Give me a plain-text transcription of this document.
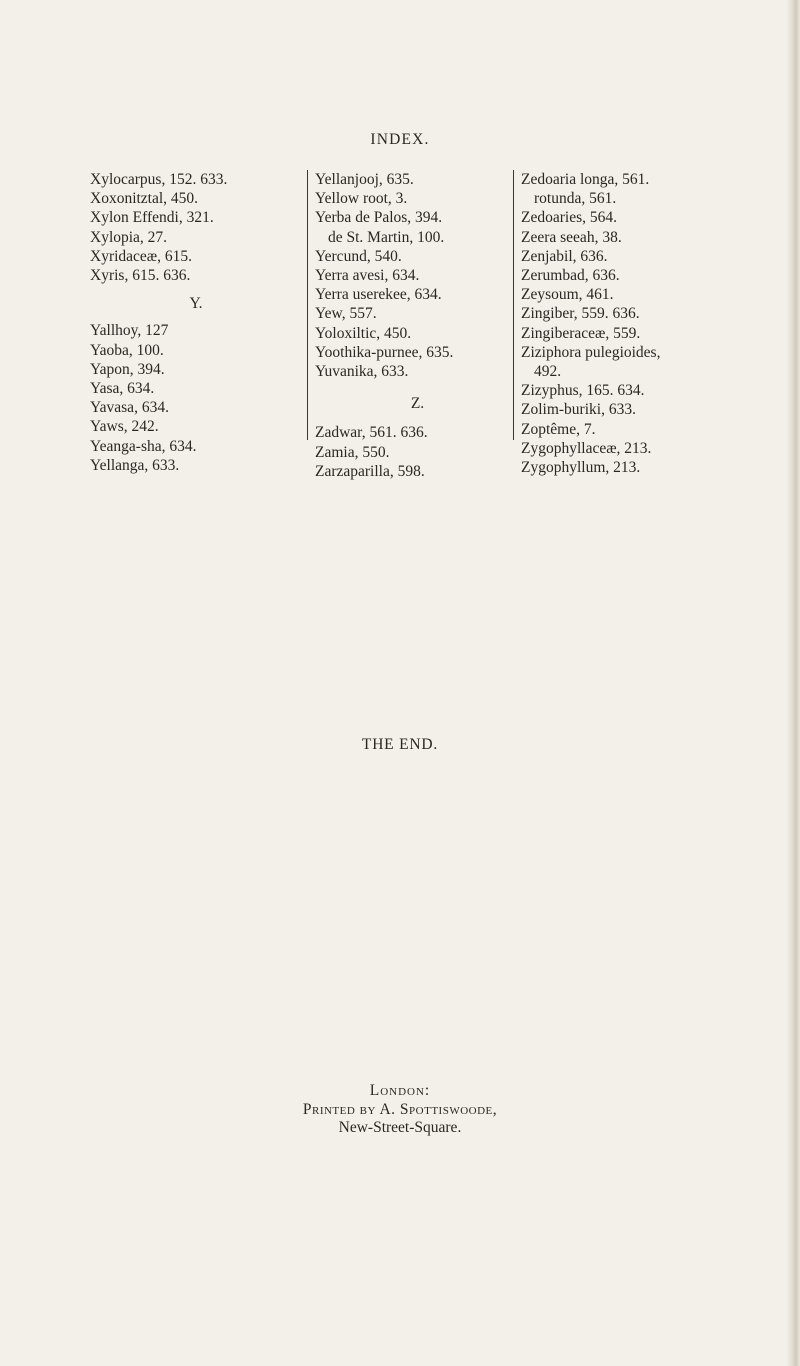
INDEX.
Xylocarpus, 152. 633.
Xoxonitztal, 450.
Xylon Effendi, 321.
Xylopia, 27.
Xyridaceæ, 615.
Xyris, 615. 636.
Y.
Yallhoy, 127
Yaoba, 100.
Yapon, 394.
Yasa, 634.
Yavasa, 634.
Yaws, 242.
Yeanga-sha, 634.
Yellanga, 633.
Yellanjooj, 635.
Yellow root, 3.
Yerba de Palos, 394.
de St. Martin, 100.
Yercund, 540.
Yerra avesi, 634.
Yerra userekee, 634.
Yew, 557.
Yoloxiltic, 450.
Yoothika-purnee, 635.
Yuvanika, 633.
Z.
Zadwar, 561. 636.
Zamia, 550.
Zarzaparilla, 598.
Zedoaria longa, 561.
rotunda, 561.
Zedoaries, 564.
Zeera seeah, 38.
Zenjabil, 636.
Zerumbad, 636.
Zeysoum, 461.
Zingiber, 559. 636.
Zingiberaceæ, 559.
Ziziphora pulegioides,
492.
Zizyphus, 165. 634.
Zolim-buriki, 633.
Zoptême, 7.
Zygophyllaceæ, 213.
Zygophyllum, 213.
THE END.
London:
Printed by A. Spottiswoode,
New-Street-Square.
